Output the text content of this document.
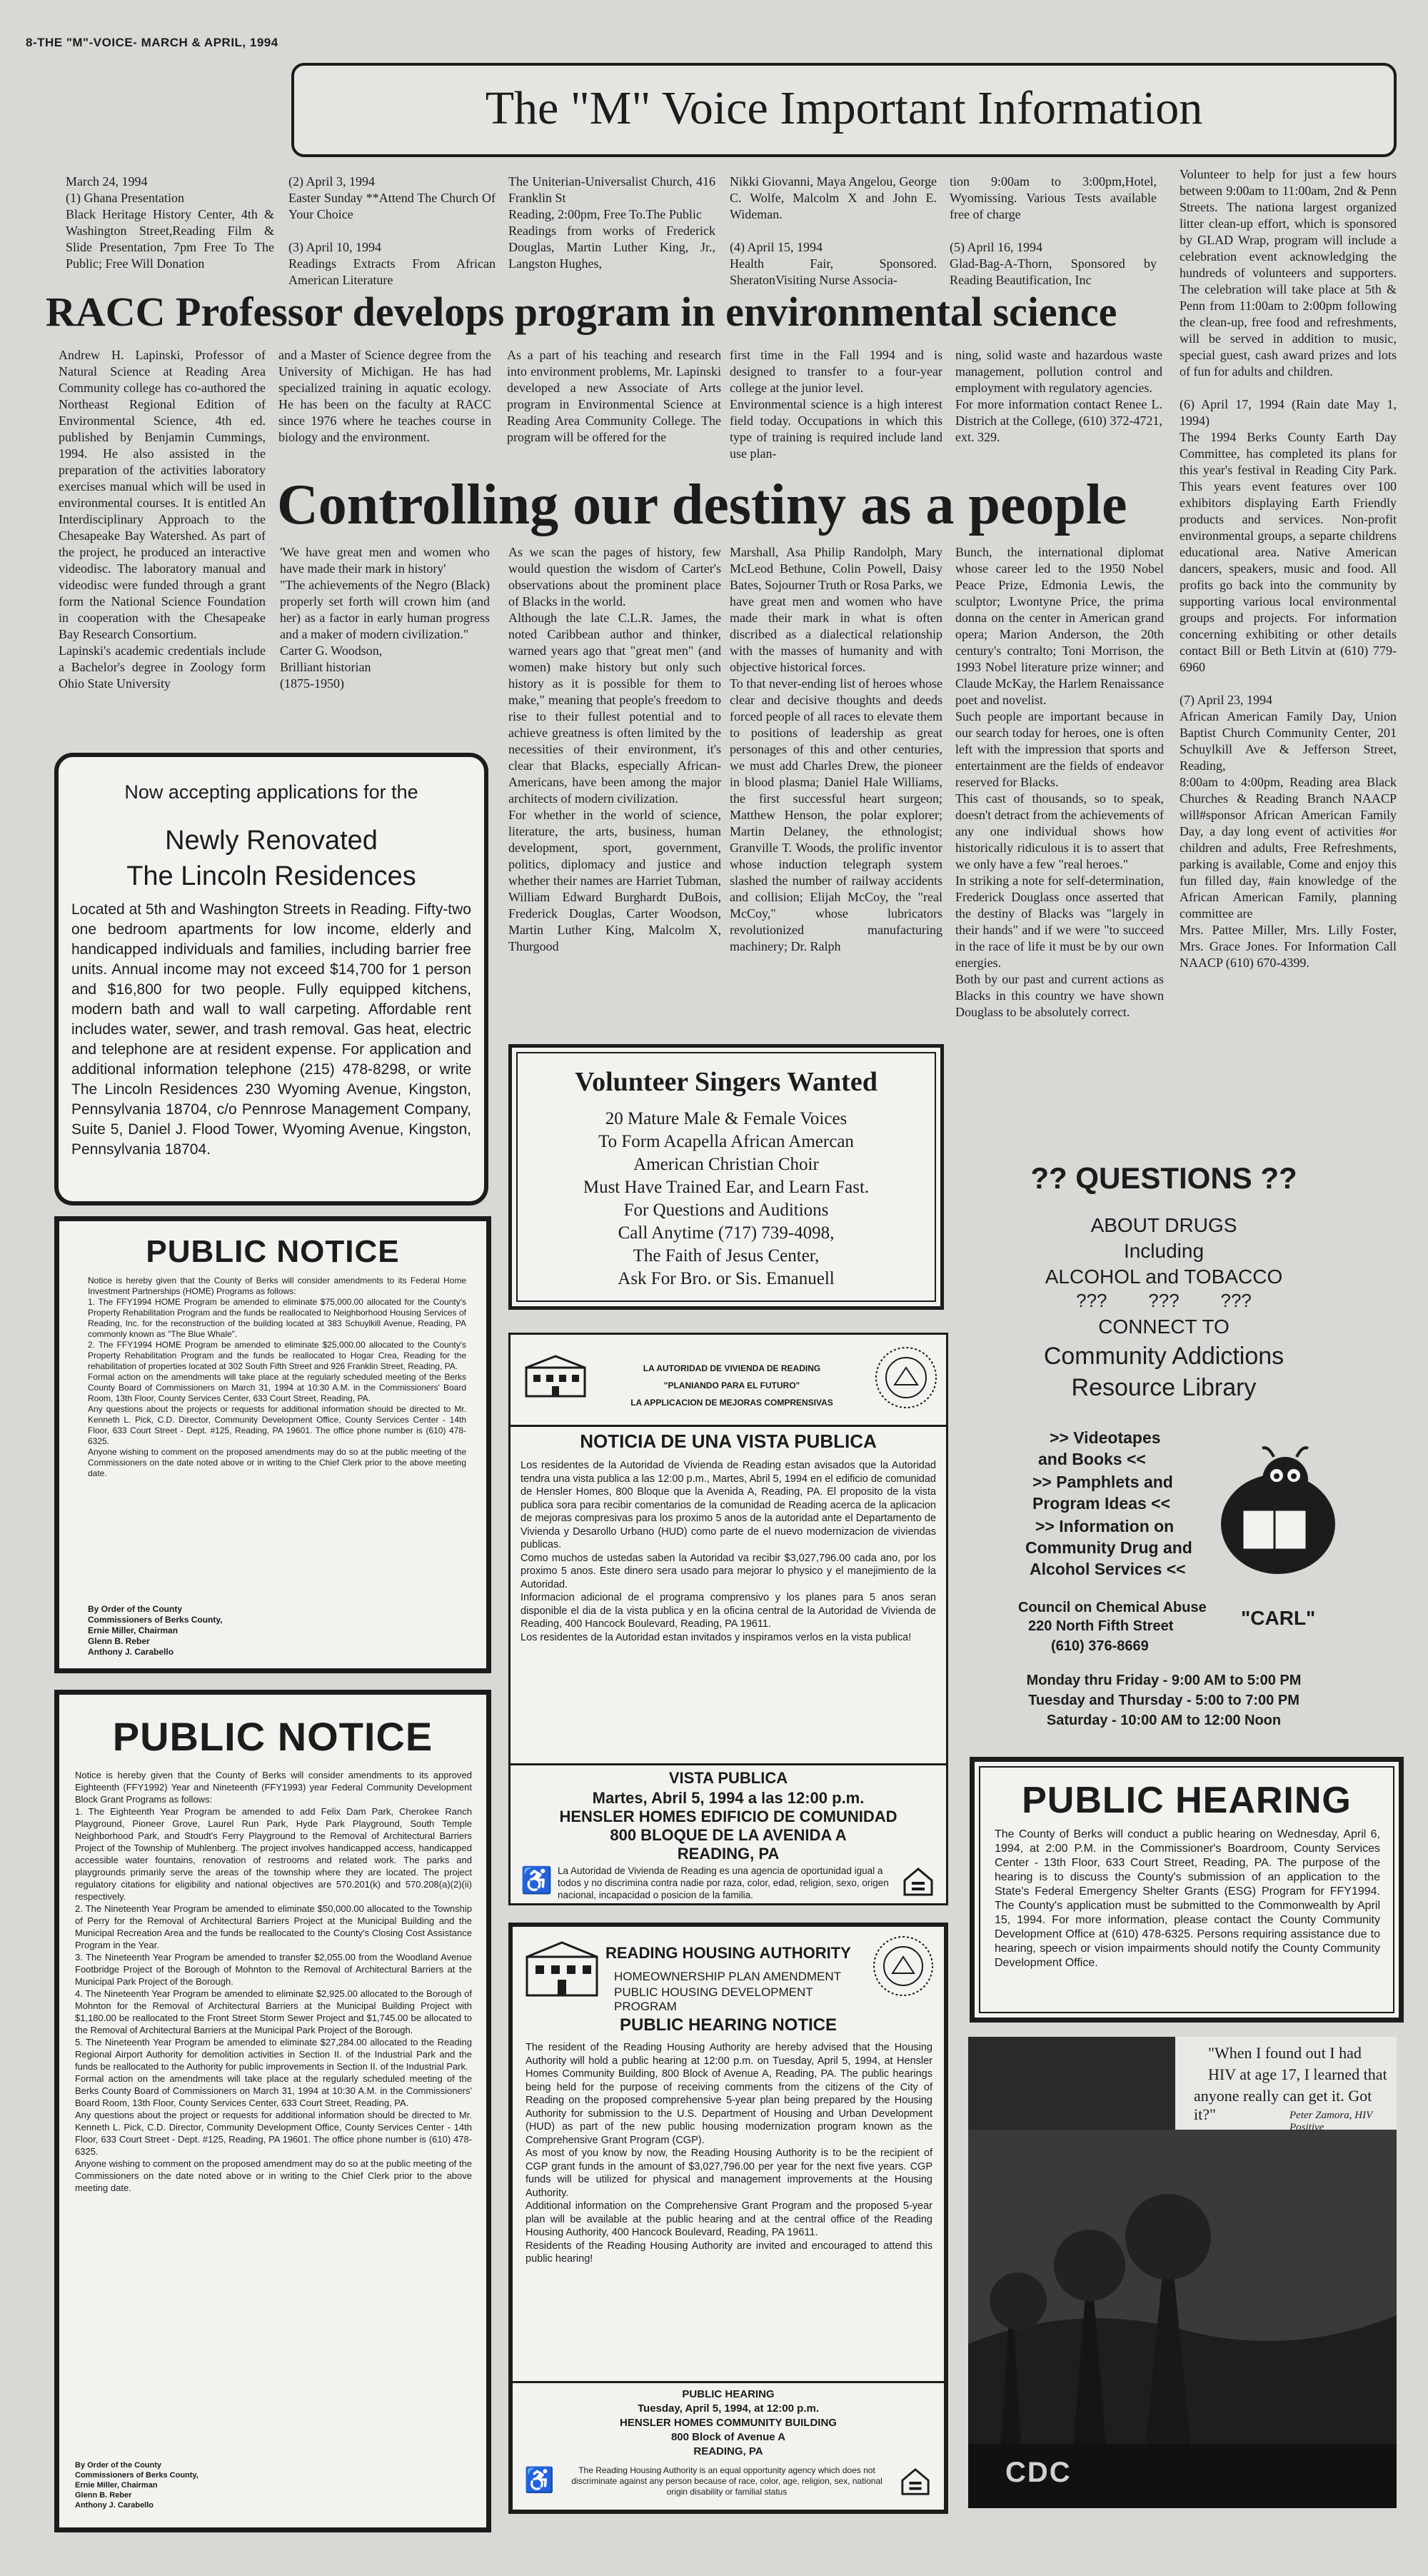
8-THE "M"-VOICE- MARCH & APRIL, 1994
The "M" Voice Important Information
March 24, 1994
(1) Ghana Presentation
Black Heritage History Center, 4th & Washington Street,Reading Film & Slide Presentation, 7pm Free To The Public; Free Will Donation
(2) April 3, 1994
Easter Sunday **Attend The Church Of Your Choice

(3) April 10, 1994
Readings Extracts From African American Literature
The Uniterian-Universalist Church, 416 Franklin St
Reading, 2:00pm, Free To.The Public
Readings from works of Frederick Douglas, Martin Luther King, Jr., Langston Hughes,
Nikki Giovanni, Maya Angelou, George C. Wolfe, Malcolm X and John E. Wideman.

(4) April 15, 1994
Health Fair, Sponsored. SheratonVisiting Nurse Associa-
tion 9:00am to 3:00pm,Hotel, Wyomissing. Various Tests available free of charge

(5) April 16, 1994
Glad-Bag-A-Thorn, Sponsored by Reading Beautification, Inc
Volunteer to help for just a few hours between 9:00am to 11:00am, 2nd & Penn Streets. The nationa largest organized litter clean-up effort, which is sponsored by GLAD Wrap, program will include a celebration event acknowledging the hundreds of volunteers and supporters. The celebration will take place at 5th & Penn from 11:00am to 2:00pm following the clean-up, free food and refreshments, will be served in addition to music, special guest, cash award prizes and lots of fun for adults and children.

(6) April 17, 1994 (Rain date May 1, 1994)
The 1994 Berks County Earth Day Committee, has completed its plans for this year's festival in Reading City Park. This years event features over 100 exhibitors displaying Earth Friendly products and services. Non-profit environmental groups, a separte childrens educational area. Native American dancers, speakers, music and food. All profits go back into the community by supporting various local environmental groups and projects. For information concerning exhibiting or other details contact Bill or Beth Litvin at (610) 779-6960

(7) April 23, 1994
African American Family Day, Union Baptist Church Community Center, 201 Schuylkill Ave & Jefferson Street, Reading,
8:00am to 4:00pm, Reading area Black Churches & Reading Branch NAACP will#sponsor African American Family Day, a day long event of activities #or children and adults, Free Refreshments, parking is available, Come and enjoy this fun filled day, #ain knowledge of the African American Family, planning committee are
Mrs. Pattee Miller, Mrs. Lilly Foster, Mrs. Grace Jones. For Information Call NAACP (610) 670-4399.
RACC Professor develops program in environmental science
Andrew H. Lapinski, Professor of Natural Science at Reading Area Community college has co-authored the Northeast Regional Edition of Environmental Science, 4th ed. published by Benjamin Cummings, 1994. He also assisted in the preparation of the activities laboratory exercises manual which will be used in environmental courses. It is entitled An Interdisciplinary Approach to the Chesapeake Bay Watershed. As part of the project, he produced an interactive videodisc. The laboratory manual and videodisc were funded through a grant form the National Science Foundation in cooperation with the Chesapeake Bay Research Consortium.
Lapinski's academic credentials include a Bachelor's degree in Zoology form Ohio State University
and a Master of Science degree from the University of Michigan. He has had specialized training in aquatic ecology. He has been on the faculty at RACC since 1976 where he teaches course in biology and the environment.
As a part of his teaching and research into environment problems, Mr. Lapinski developed a new Associate of Arts program in Environmental Science at Reading Area Community College. The program will be offered for the
first time in the Fall 1994 and is designed to transfer to a four-year college at the junior level.
Environmental science is a high interest field today. Occupations in which this type of training is required include land use plan-
ning, solid waste and hazardous waste management, pollution control and employment with regulatory agencies.
For more information contact Renee L. Districh at the College, (610) 372-4721, ext. 329.
Controlling our destiny as a people
'We have great men and women who have made their mark in history'
"The achievements of the Negro (Black) properly set forth will crown him (and her) as a factor in early human progress and a maker of modern civilization."
Carter G. Woodson,
Brilliant historian
(1875-1950)
As we scan the pages of history, few would question the wisdom of Carter's observations about the prominent place of Blacks in the world.
Although the late C.L.R. James, the noted Caribbean author and thinker, warned years ago that "great men" (and women) make history but only such history as it is possible for them to make," meaning that people's freedom to rise to their fullest potential and to achieve greatness is often limited by the necessities of their environment, it's clear that Blacks, especially African-Americans, have been among the major architects of modern civilization.
For whether in the world of science, literature, the arts, business, human development, sport, government, politics, diplomacy and justice and whether their names are Harriet Tubman, William Edward Burghardt DuBois, Frederick Douglas, Carter Woodson, Martin Luther King, Malcolm X, Thurgood
Marshall, Asa Philip Randolph, Mary McLeod Bethune, Colin Powell, Daisy Bates, Sojourner Truth or Rosa Parks, we have great men and women who have made their mark in what is often discribed as a dialectical relationship with the masses of humanity and with objective historical forces.
To that never-ending list of heroes whose clear and decisive thoughts and deeds forced people of all races to elevate them to positions of leadership as great personages of this and other centuries, we must add Charles Drew, the pioneer in blood plasma; Daniel Hale Williams, the first successful heart surgeon; Matthew Henson, the polar explorer; Martin Delaney, the ethnologist; Granville T. Woods, the prolific inventor whose induction telegraph system slashed the number of railway accidents and collision; Elijah McCoy, the "real McCoy," whose lubricators revolutionized manufacturing machinery; Dr. Ralph
Bunch, the international diplomat whose career led to the 1950 Nobel Peace Prize, Edmonia Lewis, the sculptor; Lwontyne Price, the prima donna on the center in American grand opera; Marion Anderson, the 20th century's contralto; Toni Morrison, the 1993 Nobel literature prize winner; and Claude McKay, the Harlem Renaissance poet and novelist.
Such people are important because in our search today for heroes, one is often left with the impression that sports and entertainment are the fields of endeavor reserved for Blacks.
This cast of thousands, so to speak, doesn't detract from the achievements of any one individual shows how historically ridiculous it is to assert that we only have a few "real heroes."
In striking a note for self-determination, Frederick Douglass once asserted that the destiny of Blacks was "largely in their hands" and if we were "to succeed in the race of life it must be by our own energies.
Both by our past and current actions as Blacks in this country we have shown Douglass to be absolutely correct.
Now accepting applications for the
Newly Renovated
The Lincoln Residences
Located at 5th and Washington Streets in Reading. Fifty-two one bedroom apartments for low income, elderly and handicapped individuals and families, including barrier free units. Annual income may not exceed $14,700 for 1 person and $16,800 for two people. Fully equipped kitchens, modern bath and wall to wall carpeting. Affordable rent includes water, sewer, and trash removal. Gas heat, electric and telephone are at resident expense. For application and additional information telephone (215) 478-8298, or write The Lincoln Residences 230 Wyoming Avenue, Kingston, Pennsylvania 18704, c/o Pennrose Management Company, Suite 5, Daniel J. Flood Tower, Wyoming Avenue, Kingston, Pennsylvania 18704.
Volunteer Singers Wanted
20 Mature Male & Female Voices
To Form Acapella African Amercan
American Christian Choir
Must Have Trained Ear, and Learn Fast.
For Questions and Auditions
Call Anytime (717) 739-4098,
The Faith of Jesus Center,
Ask For Bro. or Sis. Emanuell
PUBLIC NOTICE
Notice is hereby given that the County of Berks will consider amendments to its Federal Home Investment Partnerships (HOME) Programs as follows:
1. The FFY1994 HOME Program be amended to eliminate $75,000.00 allocated for the County's Property Rehabilitation Program and the funds be reallocated to Neighborhood Housing Services of Reading, Inc. for the reconstruction of the building located at 383 Schuylkill Avenue, Reading, PA commonly known as "The Blue Whale".
2. The FFY1994 HOME Program be amended to eliminate $25,000.00 allocated to the County's Property Rehabilitation Program and the funds be reallocated to Hogar Crea, Reading for the rehabilitation of properties located at 302 South Fifth Street and 926 Franklin Street, Reading, PA.
Formal action on the amendments will take place at the regularly scheduled meeting of the Berks County Board of Commissioners on March 31, 1994 at 10:30 A.M. in the Commissioners' Board Room, 13th Floor, County Services Center, 633 Court Street, Reading, PA.
Any questions about the projects or requests for additional information should be directed to Mr. Kenneth L. Pick, C.D. Director, Community Development Office, County Services Center - 14th Floor, 633 Court Street - Dept. #125, Reading, PA 19601. The office phone number is (610) 478-6325.
Anyone wishing to comment on the proposed amendments may do so at the public meeting of the Commissioners on the date noted above or in writing to the Chief Clerk prior to the above meeting date.
By Order of the County
Commissioners of Berks County,
Ernie Miller, Chairman
Glenn B. Reber
Anthony J. Carabello
PUBLIC NOTICE
Notice is hereby given that the County of Berks will consider amendments to its approved Eighteenth (FFY1992) Year and Nineteenth (FFY1993) year Federal Community Development Block Grant Programs as follows:
1. The Eighteenth Year Program be amended to add Felix Dam Park, Cherokee Ranch Playground, Pioneer Grove, Laurel Run Park, Hyde Park Playground, South Temple Neighborhood Park, and Stoudt's Ferry Playground to the Removal of Architectural Barriers Project of the Township of Muhlenberg. The project involves handicapped access, handicapped accessible water fountains, renovation of restrooms and related work. The parks and playgrounds primarily serve the areas of the township where they are located. The project regulatory citations for eligibility and national objectives are 570.201(k) and 570.208(a)(2)(ii) respectively.
2. The Nineteenth Year Program be amended to eliminate $50,000.00 allocated to the Township of Perry for the Removal of Architectural Barriers Project at the Municipal Building and the Municipal Recreation Area and the funds be reallocated to the County's Closing Cost Assistance Program in the Year.
3. The Nineteenth Year Program be amended to transfer $2,055.00 from the Woodland Avenue Footbridge Project of the Borough of Mohnton to the Removal of Architectural Barriers at the Municipal Park Project of the Borough.
4. The Nineteenth Year Program be amended to eliminate $2,925.00 allocated to the Borough of Mohnton for the Removal of Architectural Barriers at the Municipal Building Project with $1,180.00 be reallocated to the Front Street Storm Sewer Project and $1,745.00 be allocated to the Removal of Architectural Barriers at the Municipal Park Project of the Borough.
5. The Nineteenth Year Program be amended to eliminate $27,284.00 allocated to the Reading Regional Airport Authority for demolition activities in Section II. of the Industrial Park and the funds be reallocated to the Authority for public improvements in Section II. of the Industrial Park.
Formal action on the amendments will take place at the regularly scheduled meeting of the Berks County Board of Commissioners on March 31, 1994 at 10:30 A.M. in the Commissioners' Board Room, 13th Floor, County Services Center, 633 Court Street, Reading, PA.
Any questions about the project or requests for additional information should be directed to Mr. Kenneth L. Pick, C.D. Director, Community Development Office, County Services Center - 14th Floor, 633 Court Street - Dept. #125, Reading, PA 19601. The office phone number is (610) 478-6325.
Anyone wishing to comment on the proposed amendment may do so at the public meeting of the Commissioners on the date noted above or in writing to the Chief Clerk prior to the above meeting date.
By Order of the County
Commissioners of Berks County,
Ernie Miller, Chairman
Glenn B. Reber
Anthony J. Carabello
LA AUTORIDAD DE VIVIENDA DE READING
"PLANIANDO PARA EL FUTURO"
LA APPLICACION DE MEJORAS COMPRENSIVAS
NOTICIA DE UNA VISTA PUBLICA
Los residentes de la Autoridad de Vivienda de Reading estan avisados que la Autoridad tendra una vista publica a las 12:00 p.m., Martes, Abril 5, 1994 en el edificio de comunidad de Hensler Homes, 800 Bloque que la Avenida A, Reading, PA. El proposito de la vista publica sora para recibir comentarios de la comunidad de Reading acerca de la aplicacion de mejoras compresivas para los proximo 5 anos de la autoridad ante el Departamento de Vivienda y Desarollo Urbano (HUD) como parte de el nuevo modernizacion de viviendas publicas.
Como muchos de ustedas saben la Autoridad va recibir $3,027,796.00 cada ano, por los proximo 5 anos. Este dinero sera usado para mejorar lo physico y el manejimiento de la Autoridad.
Informacion adicional de el programa comprensivo y los planes para 5 anos seran disponible el dia de la vista publica y en la oficina central de la Autoridad de Vivienda de Reading, 400 Hancock Boulevard, Reading, PA 19611.
Los residentes de la Autoridad estan invitados y inspiramos verlos en la vista publica!
VISTA PUBLICA
Martes, Abril 5, 1994 a las 12:00 p.m.
HENSLER HOMES EDIFICIO DE COMUNIDAD
800 BLOQUE DE LA AVENIDA A
READING, PA
♿ La Autoridad de Vivienda de Reading es una agencia de oportunidad igual a todos y no discrimina contra nadie por raza, color, edad, religion, sexo, origen nacional, incapacidad o posicion de la familia.
READING HOUSING AUTHORITY
HOMEOWNERSHIP PLAN AMENDMENT
PUBLIC HOUSING DEVELOPMENT PROGRAM
PUBLIC HEARING NOTICE
The resident of the Reading Housing Authority are hereby advised that the Housing Authority will hold a public hearing at 12:00 p.m. on Tuesday, April 5, 1994, at Hensler Homes Community Building, 800 Block of Avenue A, Reading, PA. The public hearings being held for the purpose of receiving comments from the citizens of the City of Reading on the proposed comprehensive 5-year plan being prepared by the Housing Authority for submission to the U.S. Department of Housing and Urban Development (HUD) as part of the new public housing modernization program known as the Comprehensive Grant Program (CGP).
As most of you know by now, the Reading Housing Authority is to be the recipient of CGP grant funds in the amount of $3,027,796.00 per year for the next five years. CGP funds will be utilized for physical and management improvements at the Housing Authority.
Additional information on the Comprehensive Grant Program and the proposed 5-year plan will be available at the public hearing and at the central office of the Reading Housing Authority, 400 Hancock Boulevard, Reading, PA 19611.
Residents of the Reading Housing Authority are invited and encouraged to attend this public hearing!
PUBLIC HEARING
Tuesday, April 5, 1994, at 12:00 p.m.
HENSLER HOMES COMMUNITY BUILDING
800 Block of Avenue A
READING, PA
♿	The Reading Housing Authority is an equal opportunity agency which does not discriminate against any person because of race, color, age, religion, sex, national origin disability or familial status
?? QUESTIONS ??
ABOUT DRUGS
Including
ALCOHOL and TOBACCO
???        ???        ???
CONNECT TO
Community Addictions
Resource Library
>> Videotapes
and Books <<
>> Pamphlets and
Program Ideas <<
>> Information on
Community Drug and
Alcohol Services <<
Council on Chemical Abuse "CARL"
220 North Fifth Street
(610) 376-8669
Monday thru Friday - 9:00 AM to 5:00 PM
Tuesday and Thursday - 5:00 to 7:00 PM
Saturday - 10:00 AM to 12:00 Noon
PUBLIC HEARING
The County of Berks will conduct a public hearing on Wednesday, April 6, 1994, at 2:00 P.M. in the Commissioner's Boardroom, County Services Center - 13th Floor, 633 Court Street, Reading, PA. The purpose of the hearing is to discuss the County's submission of an application to the State's Federal Emergency Shelter Grants (ESG) Program for FFY1994. The County's application must be submitted to the Commonwealth by April 15, 1994. For more information, please contact the County Community Development Office at (610) 478-6325. Persons requiring assistance due to hearing, speech or vision impairments should notify the County Community Development Office.
"When I found out I had
HIV at age 17, I learned that
anyone really can get it. Got it?"	Peter Zamora, HIV Positive
CDC
